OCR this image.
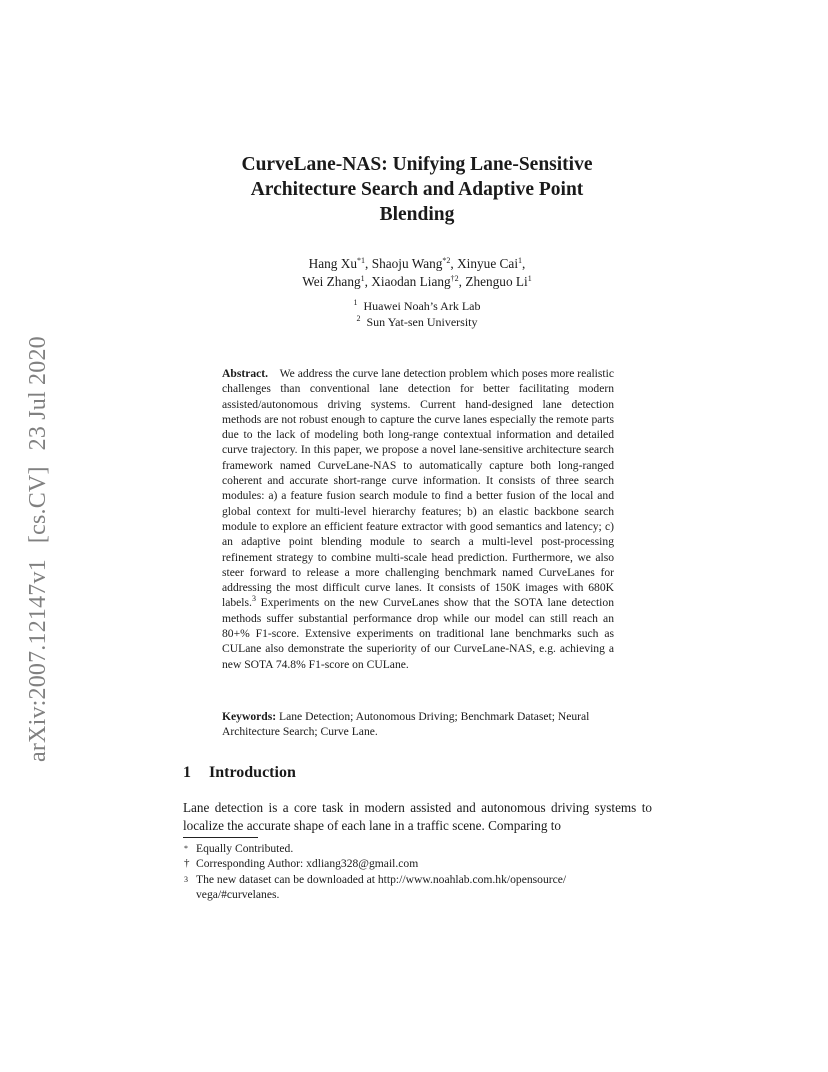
arXiv:2007.12147v1[cs.CV]23 Jul 2020
CurveLane-NAS: Unifying Lane-Sensitive
Architecture Search and Adaptive Point
Blending
Hang Xu$^{*1}$, Shaoju Wang$^{*2}$, Xinyue Cai$^1$,
Wei Zhang$^1$, Xiaodan Liang$^{\dagger 2}$, Zhenguo Li$^1$
$^1$ Huawei Noah’s Ark Lab
$^2$ Sun Yat-sen University
Abstract. We address the curve lane detection problem which poses more realistic challenges than conventional lane detection for better facilitating modern assisted/autonomous driving systems. Current hand-designed lane detection methods are not robust enough to capture the curve lanes especially the remote parts due to the lack of modeling both long-range contextual information and detailed curve trajectory. In this paper, we propose a novel lane-sensitive architecture search framework named CurveLane-NAS to automatically capture both long-ranged coherent and accurate short-range curve information. It consists of three search modules: a) a feature fusion search module to find a better fusion of the local and global context for multi-level hierarchy features; b) an elastic backbone search module to explore an efficient feature extractor with good semantics and latency; c) an adaptive point blending module to search a multi-level post-processing refinement strategy to combine multi-scale head prediction. Furthermore, we also steer forward to release a more challenging benchmark named CurveLanes for addressing the most difficult curve lanes. It consists of 150K images with 680K labels.$^3$ Experiments on the new CurveLanes show that the SOTA lane detection methods suffer substantial performance drop while our model can still reach an 80+% F1-score. Extensive experiments on traditional lane benchmarks such as CULane also demonstrate the superiority of our CurveLane-NAS, e.g. achieving a new SOTA 74.8% F1-score on CULane.
Keywords: Lane Detection; Autonomous Driving; Benchmark Dataset; Neural Architecture Search; Curve Lane.
1 Introduction
Lane detection is a core task in modern assisted and autonomous driving systems to localize the accurate shape of each lane in a traffic scene. Comparing to
* Equally Contributed.
† Corresponding Author: xdliang328@gmail.com
3 The new dataset can be downloaded at http://www.noahlab.com.hk/opensource/
vega/#curvelanes.
